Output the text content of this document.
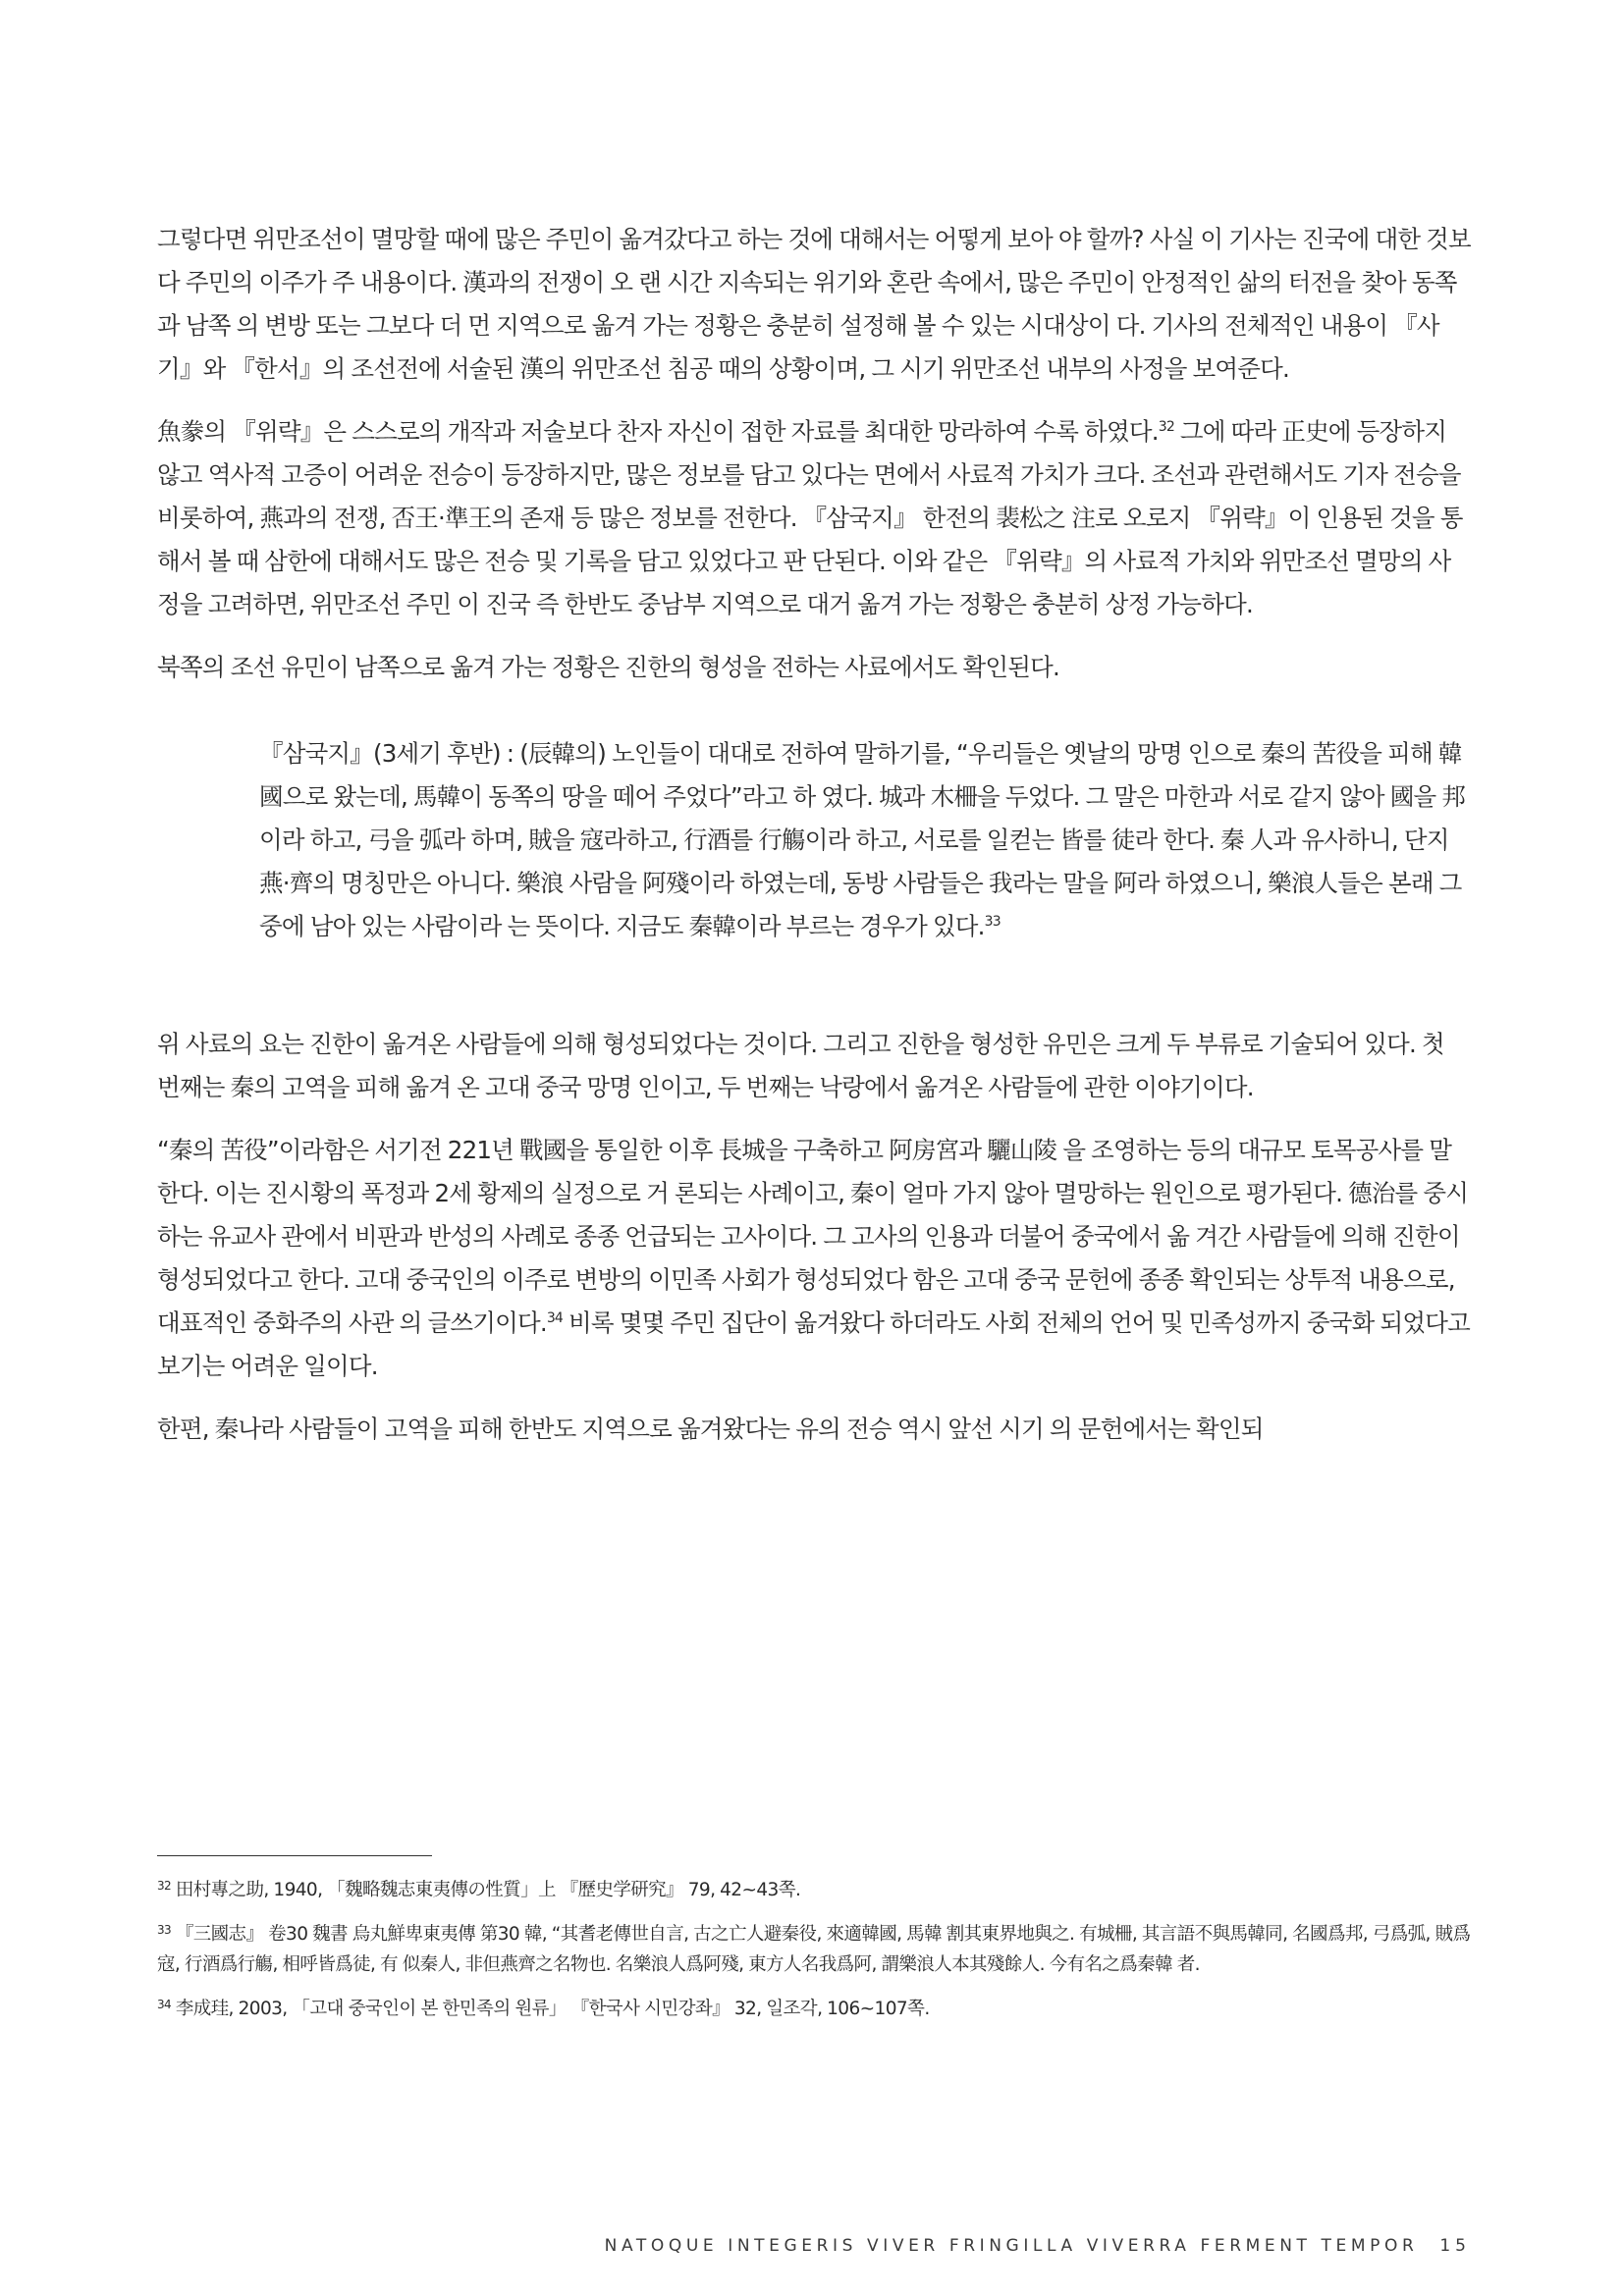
그렇다면 위만조선이 멸망할 때에 많은 주민이 옮겨갔다고 하는 것에 대해서는 어떻게 보아 야 할까? 사실 이 기사는 진국에 대한 것보다 주민의 이주가 주 내용이다. 漢과의 전쟁이 오 랜 시간 지속되는 위기와 혼란 속에서, 많은 주민이 안정적인 삶의 터전을 찾아 동쪽과 남쪽 의 변방 또는 그보다 더 먼 지역으로 옮겨 가는 정황은 충분히 설정해 볼 수 있는 시대상이 다. 기사의 전체적인 내용이 『사기』와 『한서』의 조선전에 서술된 漢의 위만조선 침공 때의 상황이며, 그 시기 위만조선 내부의 사정을 보여준다.

魚豢의 『위략』은 스스로의 개작과 저술보다 찬자 자신이 접한 자료를 최대한 망라하여 수록 하였다.$^{32}$ 그에 따라 正史에 등장하지 않고 역사적 고증이 어려운 전승이 등장하지만, 많은 정보를 담고 있다는 면에서 사료적 가치가 크다. 조선과 관련해서도 기자 전승을 비롯하여, 燕과의 전쟁, 否王·準王의 존재 등 많은 정보를 전한다. 『삼국지』 한전의 裴松之 注로 오로지 『위략』이 인용된 것을 통해서 볼 때 삼한에 대해서도 많은 전승 및 기록을 담고 있었다고 판 단된다. 이와 같은 『위략』의 사료적 가치와 위만조선 멸망의 사정을 고려하면, 위만조선 주민 이 진국 즉 한반도 중남부 지역으로 대거 옮겨 가는 정황은 충분히 상정 가능하다.

북쪽의 조선 유민이 남쪽으로 옮겨 가는 정황은 진한의 형성을 전하는 사료에서도 확인된다.

『삼국지』(3세기 후반) : (辰韓의) 노인들이 대대로 전하여 말하기를, “우리들은 옛날의 망명 인으로 秦의 苦役을 피해 韓國으로 왔는데, 馬韓이 동쪽의 땅을 떼어 주었다”라고 하 였다. 城과 木柵을 두었다. 그 말은 마한과 서로 같지 않아 國을 邦이라 하고, 弓을 弧라 하며, 賊을 寇라하고, 行酒를 行觴이라 하고, 서로를 일컫는 皆를 徒라 한다. 秦 人과 유사하니, 단지 燕·齊의 명칭만은 아니다. 樂浪 사람을 阿殘이라 하였는데, 동방 사람들은 我라는 말을 阿라 하였으니, 樂浪人들은 본래 그 중에 남아 있는 사람이라 는 뜻이다. 지금도 秦韓이라 부르는 경우가 있다.$^{33}$

위 사료의 요는 진한이 옮겨온 사람들에 의해 형성되었다는 것이다. 그리고 진한을 형성한 유민은 크게 두 부류로 기술되어 있다. 첫 번째는 秦의 고역을 피해 옮겨 온 고대 중국 망명 인이고, 두 번째는 낙랑에서 옮겨온 사람들에 관한 이야기이다.

“秦의 苦役”이라함은 서기전 221년 戰國을 통일한 이후 長城을 구축하고 阿房宮과 驪山陵 을 조영하는 등의 대규모 토목공사를 말한다. 이는 진시황의 폭정과 2세 황제의 실정으로 거 론되는 사례이고, 秦이 얼마 가지 않아 멸망하는 원인으로 평가된다. 德治를 중시하는 유교사 관에서 비판과 반성의 사례로 종종 언급되는 고사이다. 그 고사의 인용과 더불어 중국에서 옮 겨간 사람들에 의해 진한이 형성되었다고 한다. 고대 중국인의 이주로 변방의 이민족 사회가 형성되었다 함은 고대 중국 문헌에 종종 확인되는 상투적 내용으로, 대표적인 중화주의 사관 의 글쓰기이다.$^{34}$ 비록 몇몇 주민 집단이 옮겨왔다 하더라도 사회 전체의 언어 및 민족성까지 중국화 되었다고 보기는 어려운 일이다.

한편, 秦나라 사람들이 고역을 피해 한반도 지역으로 옮겨왔다는 유의 전승 역시 앞선 시기 의 문헌에서는 확인되

$^{32}$ 田村專之助, 1940, 「魏略魏志東夷傳の性質」上 『歷史学研究』 79, 42~43쪽.

$^{33}$ 『三國志』 卷30 魏書 烏丸鮮卑東夷傳 第30 韓, “其耆老傳世自言, 古之亡人避秦役, 來適韓國, 馬韓 割其東界地與之. 有城柵, 其言語不與馬韓同, 名國爲邦, 弓爲弧, 賊爲寇, 行酒爲行觴, 相呼皆爲徒, 有 似秦人, 非但燕齊之名物也. 名樂浪人爲阿殘, 東方人名我爲阿, 謂樂浪人本其殘餘人. 今有名之爲秦韓 者.

$^{34}$ 李成珪, 2003, 「고대 중국인이 본 한민족의 원류」 『한국사 시민강좌』 32, 일조각, 106~107쪽.

NATOQUE INTEGERIS VIVER FRINGILLA VIVERRA FERMENT TEMPOR 15
